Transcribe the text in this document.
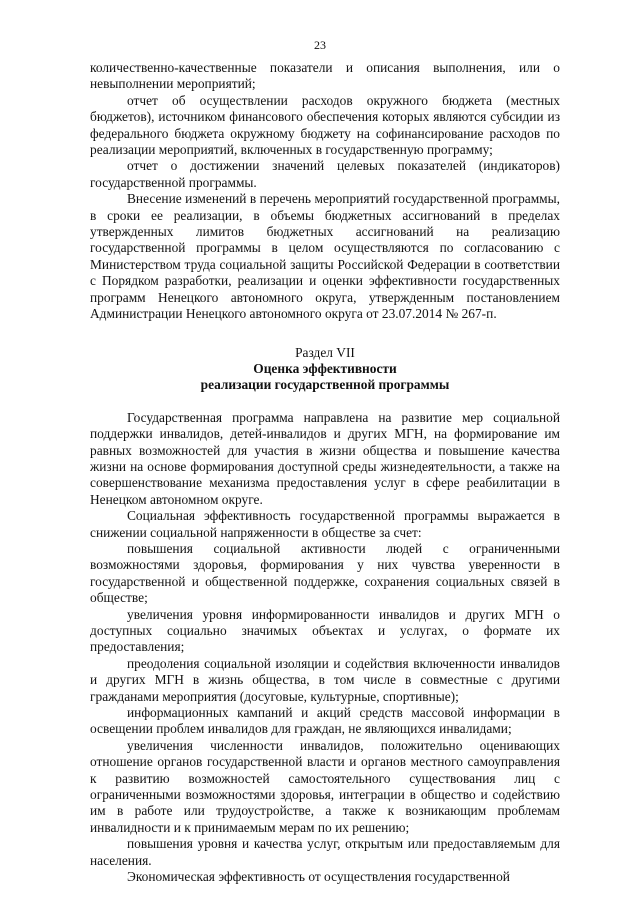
23

количественно-качественные показатели и описания выполнения, или о невыполнении мероприятий;

отчет об осуществлении расходов окружного бюджета (местных бюджетов), источником финансового обеспечения которых являются субсидии из федерального бюджета окружному бюджету на софинансирование расходов по реализации мероприятий, включенных в государственную программу;

отчет о достижении значений целевых показателей (индикаторов) государственной программы.

Внесение изменений в перечень мероприятий государственной программы, в сроки ее реализации, в объемы бюджетных ассигнований в пределах утвержденных лимитов бюджетных ассигнований на реализацию государственной программы в целом осуществляются по согласованию с Министерством труда социальной защиты Российской Федерации в соответствии с Порядком разработки, реализации и оценки эффективности государственных программ Ненецкого автономного округа, утвержденным постановлением Администрации Ненецкого автономного округа от 23.07.2014 № 267-п.

Раздел VII

Оценка эффективности

реализации государственной программы

Государственная программа направлена на развитие мер социальной поддержки инвалидов, детей-инвалидов и других МГН, на формирование им равных возможностей для участия в жизни общества и повышение качества жизни на основе формирования доступной среды жизнедеятельности, а также на совершенствование механизма предоставления услуг в сфере реабилитации в Ненецком автономном округе.

Социальная эффективность государственной программы выражается в снижении социальной напряженности в обществе за счет:

повышения социальной активности людей с ограниченными возможностями здоровья, формирования у них чувства уверенности в государственной и общественной поддержке, сохранения социальных связей в обществе;

увеличения уровня информированности инвалидов и других МГН о доступных социально значимых объектах и услугах, о формате их предоставления;

преодоления социальной изоляции и содействия включенности инвалидов и других МГН в жизнь общества, в том числе в совместные с другими гражданами мероприятия (досуговые, культурные, спортивные);

информационных кампаний и акций средств массовой информации в освещении проблем инвалидов для граждан, не являющихся инвалидами;

увеличения численности инвалидов, положительно оценивающих отношение органов государственной власти и органов местного самоуправления к развитию возможностей самостоятельного существования лиц с ограниченными возможностями здоровья, интеграции в общество и содействию им в работе или трудоустройстве, а также к возникающим проблемам инвалидности и к принимаемым мерам по их решению;

повышения уровня и качества услуг, открытым или предоставляемым для населения.

Экономическая эффективность от осуществления государственной
